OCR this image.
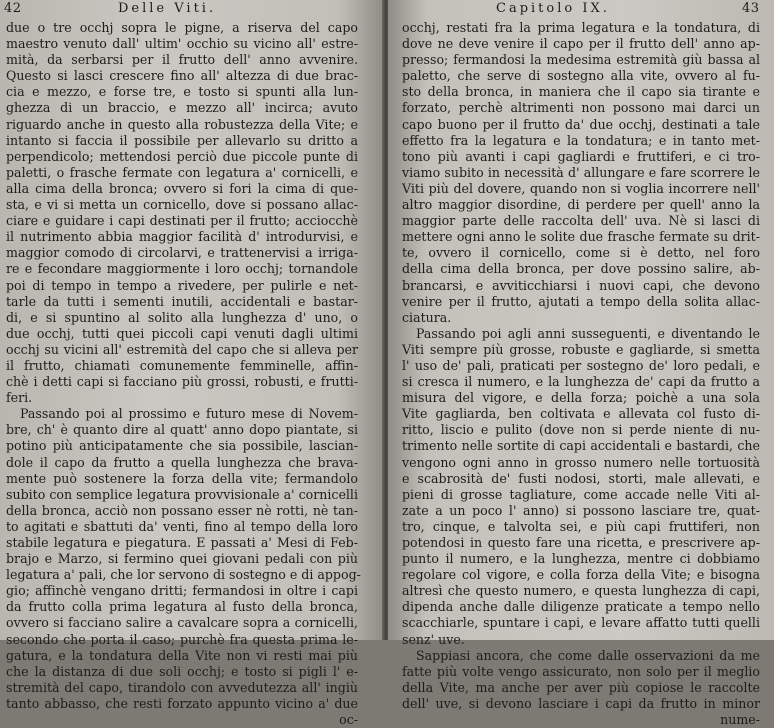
42	Delle Viti.
due o tre occhj sopra le pigne, a riserva del capo
maestro venuto dall' ultim' occhio su vicino all' estre-
mità, da serbarsi per il frutto dell' anno avvenire.
Questo si lasci crescere fino all' altezza di due brac-
cia e mezzo, e forse tre, e tosto si spunti alla lun-
ghezza di un braccio, e mezzo all' incirca; avuto
riguardo anche in questo alla robustezza della Vite; e
intanto si faccia il possibile per allevarlo su dritto a
perpendicolo; mettendosi perciò due piccole punte di
paletti, o frasche fermate con legatura a' cornicelli, e
alla cima della bronca; ovvero si fori la cima di que-
sta, e vi si metta un cornicello, dove si possano allac-
ciare e guidare i capi destinati per il frutto; acciocchè
il nutrimento abbia maggior facilità d' introdurvisi, e
maggior comodo di circolarvi, e trattenervisi a irriga-
re e fecondare maggiormente i loro occhj; tornandole
poi di tempo in tempo a rivedere, per pulirle e net-
tarle da tutti i sementi inutili, accidentali e bastar-
di, e si spuntino al solito alla lunghezza d' uno, o
due occhj, tutti quei piccoli capi venuti dagli ultimi
occhj su vicini all' estremità del capo che si alleva per
il frutto, chiamati comunemente femminelle, affin-
chè i detti capi si facciano più grossi, robusti, e frutti-
feri.
Passando poi al prossimo e futuro mese di Novem-
bre, ch' è quanto dire al quatt' anno dopo piantate, si
potino più anticipatamente che sia possibile, lascian-
dole il capo da frutto a quella lunghezza che brava-
mente può sostenere la forza della vite; fermandolo
subito con semplice legatura provvisionale a' cornicelli
della bronca, acciò non possano esser nè rotti, nè tan-
to agitati e sbattuti da' venti, fino al tempo della loro
stabile legatura e piegatura. E passati a' Mesi di Feb-
brajo e Marzo, si fermino quei giovani pedali con più
legatura a' pali, che lor servono di sostegno e di appog-
gio; affinchè vengano dritti; fermandosi in oltre i capi
da frutto colla prima legatura al fusto della bronca,
ovvero si facciano salire a cavalcare sopra a cornicelli,
secondo che porta il caso; purchè fra questa prima le-
gatura, e la tondatura della Vite non vi resti mai più
che la distanza di due soli occhj; e tosto si pigli l' e-
stremità del capo, tirandolo con avvedutezza all' ingiù
tanto abbasso, che resti forzato appunto vicino a' due
oc-
Capitolo IX.	43
occhj, restati fra la prima legatura e la tondatura, di
dove ne deve venire il capo per il frutto dell' anno ap-
presso; fermandosi la medesima estremità giù bassa al
paletto, che serve di sostegno alla vite, ovvero al fu-
sto della bronca, in maniera che il capo sia tirante e
forzato, perchè altrimenti non possono mai darci un
capo buono per il frutto da' due occhj, destinati a tale
effetto fra la legatura e la tondatura; e in tanto met-
tono più avanti i capi gagliardi e fruttiferi, e ci tro-
viamo subito in necessità d' allungare e fare scorrere le
Viti più del dovere, quando non si voglia incorrere nell'
altro maggior disordine, di perdere per quell' anno la
maggior parte delle raccolta dell' uva. Nè si lasci di
mettere ogni anno le solite due frasche fermate su drit-
te, ovvero il cornicello, come si è detto, nel foro
della cima della bronca, per dove possino salire, ab-
brancarsi, e avviticchiarsi i nuovi capi, che devono
venire per il frutto, ajutati a tempo della solita allac-
ciatura.
Passando poi agli anni susseguenti, e diventando le
Viti sempre più grosse, robuste e gagliarde, si smetta
l' uso de' pali, praticati per sostegno de' loro pedali, e
si cresca il numero, e la lunghezza de' capi da frutto a
misura del vigore, e della forza; poichè a una sola
Vite gagliarda, ben coltivata e allevata col fusto di-
ritto, liscio e pulito (dove non si perde niente di nu-
trimento nelle sortite di capi accidentali e bastardi, che
vengono ogni anno in grosso numero nelle tortuosità
e scabrosità de' fusti nodosi, storti, male allevati, e
pieni di grosse tagliature, come accade nelle Viti al-
zate a un poco l' anno) si possono lasciare tre, quat-
tro, cinque, e talvolta sei, e più capi fruttiferi, non
potendosi in questo fare una ricetta, e prescrivere ap-
punto il numero, e la lunghezza, mentre ci dobbiamo
regolare col vigore, e colla forza della Vite; e bisogna
altresì che questo numero, e questa lunghezza di capi,
dipenda anche dalle diligenze praticate a tempo nello
scacchiarle, spuntare i capi, e levare affatto tutti quelli
senz' uve.
Sappiasi ancora, che come dalle osservazioni da me
fatte più volte vengo assicurato, non solo per il meglio
della Vite, ma anche per aver più copiose le raccolte
dell' uve, si devono lasciare i capi da frutto in minor
nume-
